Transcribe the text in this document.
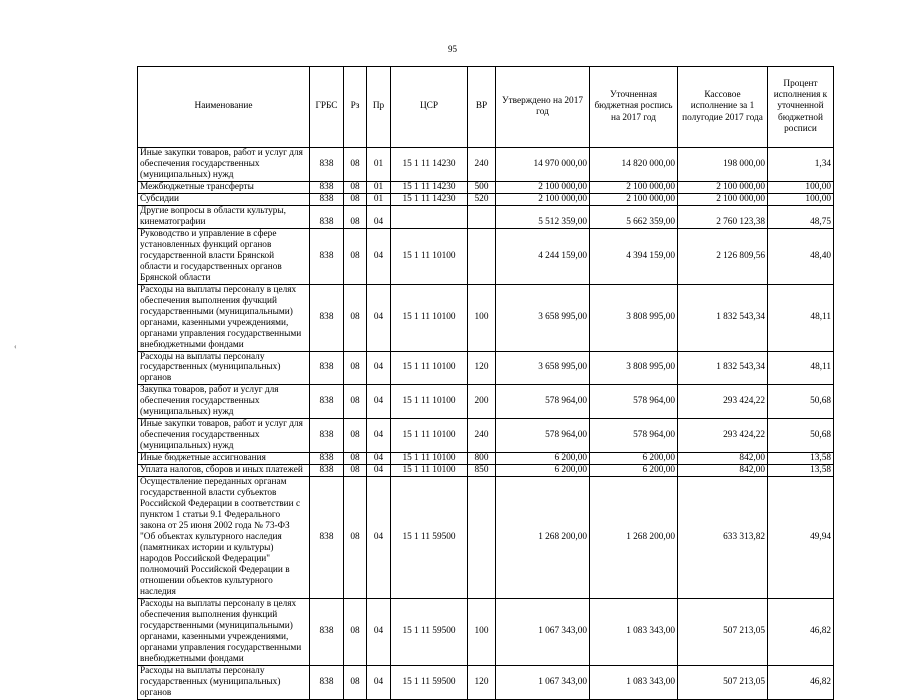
95
‹
Наименование	ГРБС	Рз	Пр	ЦСР	ВР	Утверждено на 2017 год	Уточненная бюджетная роспись на 2017 год	Кассовое исполнение за 1 полугодие 2017 года	Процент исполнения к уточненной бюджетной росписи
Иные закупки товаров, работ и услуг для обеспечения государственных (муниципальных) нужд	838	08	01	15 1 11 14230	240	14 970 000,00	14 820 000,00	198 000,00	1,34
Межбюджетные трансферты	838	08	01	15 1 11 14230	500	2 100 000,00	2 100 000,00	2 100 000,00	100,00
Субсидии	838	08	01	15 1 11 14230	520	2 100 000,00	2 100 000,00	2 100 000,00	100,00
Другие вопросы в области культуры, кинематографии	838	08	04			5 512 359,00	5 662 359,00	2 760 123,38	48,75
Руководство и управление в сфере установленных функций органов государственной власти Брянской области и государственных органов Брянской области	838	08	04	15 1 11 10100		4 244 159,00	4 394 159,00	2 126 809,56	48,40
Расходы на выплаты персоналу в целях обеспечения выполнения фучкций государственными (муниципальными) органами, казенными учреждениями, органами управления государственными внебюджетными фондами	838	08	04	15 1 11 10100	100	3 658 995,00	3 808 995,00	1 832 543,34	48,11
Расходы на выплаты персоналу государственных (муниципальных) органов	838	08	04	15 1 11 10100	120	3 658 995,00	3 808 995,00	1 832 543,34	48,11
Закупка товаров, работ и услуг для обеспечения государственных (муниципальных) нужд	838	08	04	15 1 11 10100	200	578 964,00	578 964,00	293 424,22	50,68
Иные закупки товаров, работ и услуг для обеспечения государственных (муниципальных) нужд	838	08	04	15 1 11 10100	240	578 964,00	578 964,00	293 424,22	50,68
Иные бюджетные ассигнования	838	08	04	15 1 11 10100	800	6 200,00	6 200,00	842,00	13,58
Уплата налогов, сборов и иных платежей	838	08	04	15 1 11 10100	850	6 200,00	6 200,00	842,00	13,58
Осуществление переданных органам государственной власти субъектов Российской Федерации в соответствии с пунктом 1 статьи 9.1 Федерального закона от 25 июня 2002 года № 73-ФЗ "Об объектах культурного наследия (памятниках истории и культуры) народов Российской Федерации" полномочий Российской Федерации в отношении объектов культурного наследия	838	08	04	15 1 11 59500		1 268 200,00	1 268 200,00	633 313,82	49,94
Расходы на выплаты персоналу в целях обеспечения выполнения функций государственными (муниципальными) органами, казенными учреждениями, органами управления государственными внебюджетными фондами	838	08	04	15 1 11 59500	100	1 067 343,00	1 083 343,00	507 213,05	46,82
Расходы на выплаты персоналу государственных (муниципальных) органов	838	08	04	15 1 11 59500	120	1 067 343,00	1 083 343,00	507 213,05	46,82
